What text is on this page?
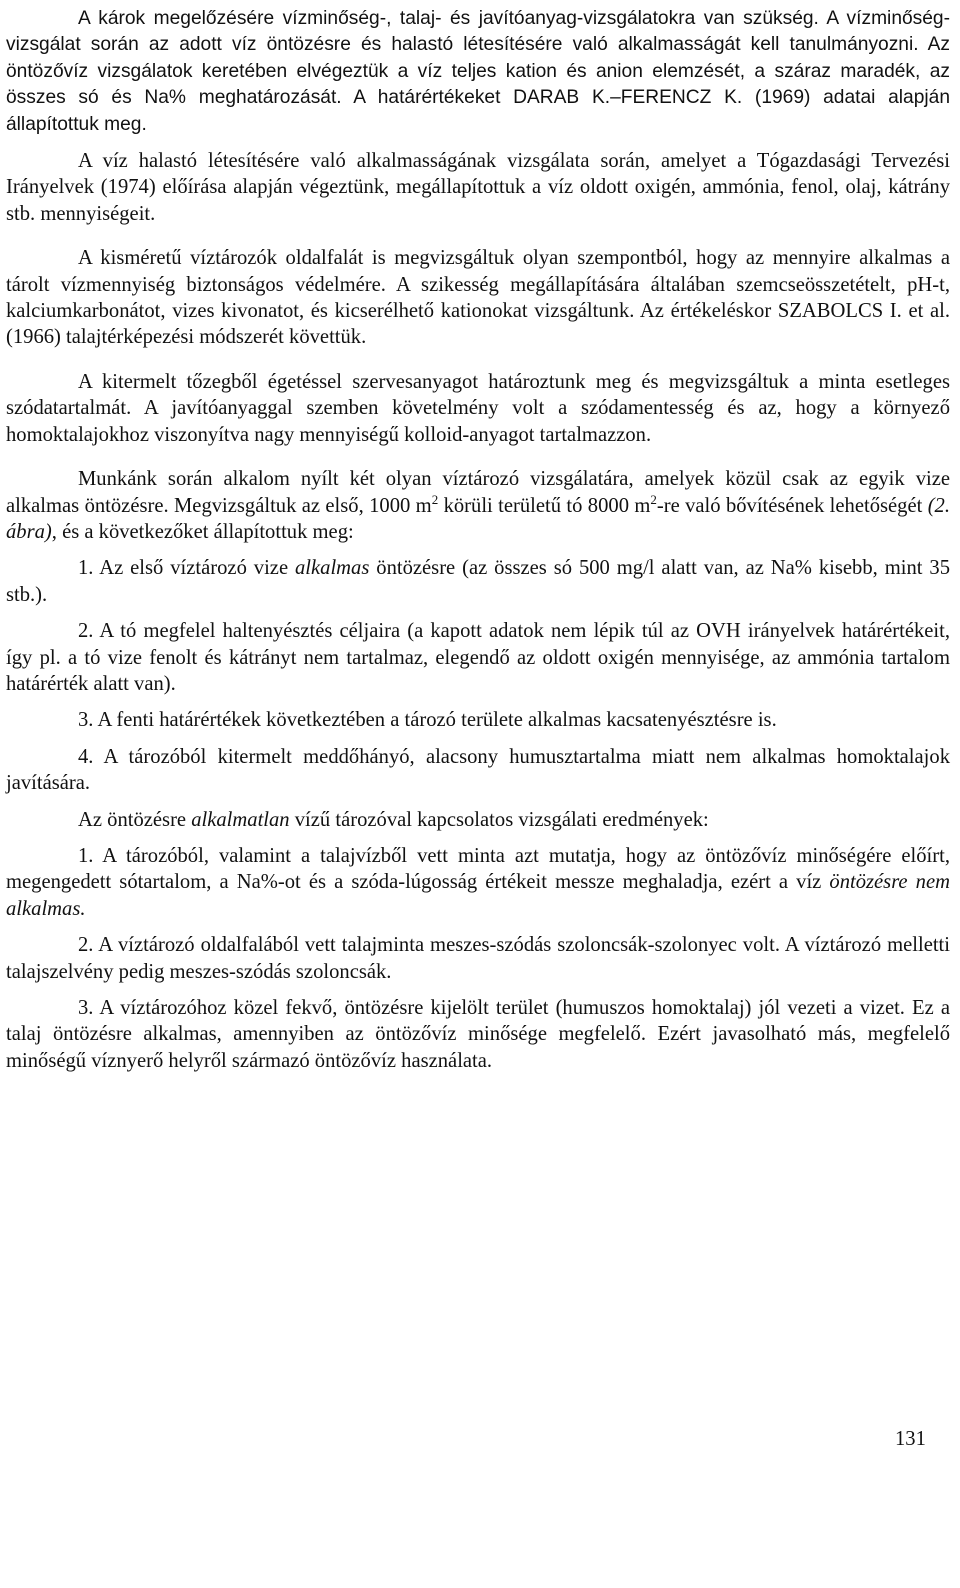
A károk megelőzésére vízminőség-, talaj- és javítóanyag-vizsgálatokra van szükség. A vízminőség-vizsgálat során az adott víz öntözésre és halastó létesítésére való alkalmasságát kell tanulmányozni. Az öntözővíz vizsgálatok keretében elvégeztük a víz teljes kation és anion elemzését, a száraz maradék, az összes só és Na% meghatározását. A határértékeket DARAB K.–FERENCZ K. (1969) adatai alapján állapítottuk meg.

A víz halastó létesítésére való alkalmasságának vizsgálata során, amelyet a Tógazdasági Tervezési Irányelvek (1974) előírása alapján végeztünk, megállapítottuk a víz oldott oxigén, ammónia, fenol, olaj, kátrány stb. mennyiségeit.

A kisméretű víztározók oldalfalát is megvizsgáltuk olyan szempontból, hogy az mennyire alkalmas a tárolt vízmennyiség biztonságos védelmére. A szikesség megállapítására általában szemcseösszetételt, pH-t, kalciumkarbonátot, vizes kivonatot, és kicserélhető kationokat vizsgáltunk. Az értékeléskor SZABOLCS I. et al. (1966) talajtérképezési módszerét követtük.

A kitermelt tőzegből égetéssel szervesanyagot határoztunk meg és megvizsgáltuk a minta esetleges szódatartalmát. A javítóanyaggal szemben követelmény volt a szódamentesség és az, hogy a környező homoktalajokhoz viszonyítva nagy mennyiségű kolloid-anyagot tartalmazzon.

Munkánk során alkalom nyílt két olyan víztározó vizsgálatára, amelyek közül csak az egyik vize alkalmas öntözésre. Megvizsgáltuk az első, 1000 $m^2$ körüli területű tó 8000 $m^2-re$ való bővítésének lehetőségét (2. ábra), és a következőket állapítottuk meg:

1. Az első víztározó vize alkalmas öntözésre (az összes só 500 mg/l alatt van, az Na% kisebb, mint 35 stb.).

2. A tó megfelel haltenyésztés céljaira (a kapott adatok nem lépik túl az OVH irányelvek határértékeit, így pl. a tó vize fenolt és kátrányt nem tartalmaz, elegendő az oldott oxigén mennyisége, az ammónia tartalom határérték alatt van).

3. A fenti határértékek következtében a tározó területe alkalmas kacsatenyésztésre is.

4. A tározóból kitermelt meddőhányó, alacsony humusztartalma miatt nem alkalmas homoktalajok javítására.

Az öntözésre alkalmatlan vízű tározóval kapcsolatos vizsgálati eredmények:

1. A tározóból, valamint a talajvízből vett minta azt mutatja, hogy az öntözővíz minőségére előírt, megengedett sótartalom, a Na%-ot és a szóda-lúgosság értékeit messze meghaladja, ezért a víz öntözésre nem alkalmas.

2. A víztározó oldalfalából vett talajminta meszes-szódás szoloncsák-szolonyec volt. A víztározó melletti talajszelvény pedig meszes-szódás szoloncsák.

3. A víztározóhoz közel fekvő, öntözésre kijelölt terület (humuszos homoktalaj) jól vezeti a vizet. Ez a talaj öntözésre alkalmas, amennyiben az öntözővíz minősége megfelelő. Ezért javasolható más, megfelelő minőségű víznyerő helyről származó öntözővíz használata.

131
